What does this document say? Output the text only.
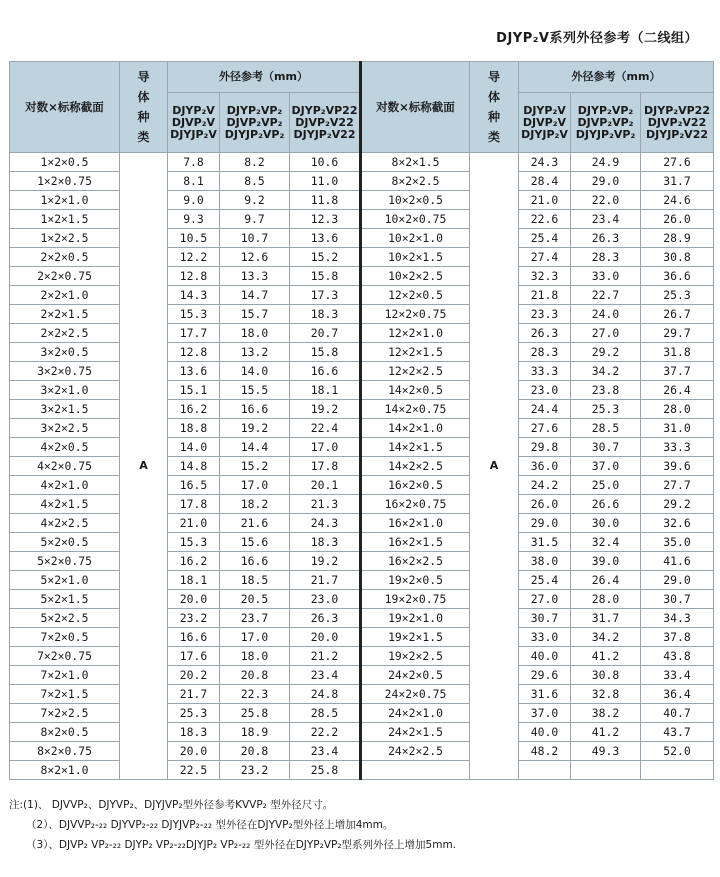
DJYP₂V系列外径参考（二线组）
对数×标称截面	导
体
种
类	外径参考（mm）			对数×标称截面	导
体
种
类	外径参考（mm）		
		DJYP₂V
DJVP₂V
DJYJP₂V	DJYP₂VP₂
DJVP₂VP₂
DJYJP₂VP₂	DJYP₂VP22
DJVP₂V22
DJYJP₂V22			DJYP₂V
DJVP₂V
DJYJP₂V	DJYP₂VP₂
DJVP₂VP₂
DJYJP₂VP₂	DJYP₂VP22
DJVP₂V22
DJYJP₂V22
1×2×0.5	A	7.8	8.2	10.6	8×2×1.5	A	24.3	24.9	27.6
1×2×0.75		8.1	8.5	11.0	8×2×2.5		28.4	29.0	31.7
1×2×1.0		9.0	9.2	11.8	10×2×0.5		21.0	22.0	24.6
1×2×1.5		9.3	9.7	12.3	10×2×0.75		22.6	23.4	26.0
1×2×2.5		10.5	10.7	13.6	10×2×1.0		25.4	26.3	28.9
2×2×0.5		12.2	12.6	15.2	10×2×1.5		27.4	28.3	30.8
2×2×0.75		12.8	13.3	15.8	10×2×2.5		32.3	33.0	36.6
2×2×1.0		14.3	14.7	17.3	12×2×0.5		21.8	22.7	25.3
2×2×1.5		15.3	15.7	18.3	12×2×0.75		23.3	24.0	26.7
2×2×2.5		17.7	18.0	20.7	12×2×1.0		26.3	27.0	29.7
3×2×0.5		12.8	13.2	15.8	12×2×1.5		28.3	29.2	31.8
3×2×0.75		13.6	14.0	16.6	12×2×2.5		33.3	34.2	37.7
3×2×1.0		15.1	15.5	18.1	14×2×0.5		23.0	23.8	26.4
3×2×1.5		16.2	16.6	19.2	14×2×0.75		24.4	25.3	28.0
3×2×2.5		18.8	19.2	22.4	14×2×1.0		27.6	28.5	31.0
4×2×0.5		14.0	14.4	17.0	14×2×1.5		29.8	30.7	33.3
4×2×0.75		14.8	15.2	17.8	14×2×2.5		36.0	37.0	39.6
4×2×1.0		16.5	17.0	20.1	16×2×0.5		24.2	25.0	27.7
4×2×1.5		17.8	18.2	21.3	16×2×0.75		26.0	26.6	29.2
4×2×2.5		21.0	21.6	24.3	16×2×1.0		29.0	30.0	32.6
5×2×0.5		15.3	15.6	18.3	16×2×1.5		31.5	32.4	35.0
5×2×0.75		16.2	16.6	19.2	16×2×2.5		38.0	39.0	41.6
5×2×1.0		18.1	18.5	21.7	19×2×0.5		25.4	26.4	29.0
5×2×1.5		20.0	20.5	23.0	19×2×0.75		27.0	28.0	30.7
5×2×2.5		23.2	23.7	26.3	19×2×1.0		30.7	31.7	34.3
7×2×0.5		16.6	17.0	20.0	19×2×1.5		33.0	34.2	37.8
7×2×0.75		17.6	18.0	21.2	19×2×2.5		40.0	41.2	43.8
7×2×1.0		20.2	20.8	23.4	24×2×0.5		29.6	30.8	33.4
7×2×1.5		21.7	22.3	24.8	24×2×0.75		31.6	32.8	36.4
7×2×2.5		25.3	25.8	28.5	24×2×1.0		37.0	38.2	40.7
8×2×0.5		18.3	18.9	22.2	24×2×1.5		40.0	41.2	43.7
8×2×0.75		20.0	20.8	23.4	24×2×2.5		48.2	49.3	52.0
8×2×1.0		22.5	23.2	25.8					
注:(1)、 DJVVP₂、DJYVP₂、DJYJVP₂型外径参考KVVP₂ 型外径尺寸。
（2）、DJVVP₂-₂₂ DJYVP₂-₂₂ DJYJVP₂-₂₂ 型外径在DJYVP₂型外径上增加4mm。
（3）、DJVP₂ VP₂-₂₂ DJYP₂ VP₂-₂₂DJYJP₂ VP₂-₂₂ 型外径在DJYP₂VP₂型系列外径上增加5mm.
